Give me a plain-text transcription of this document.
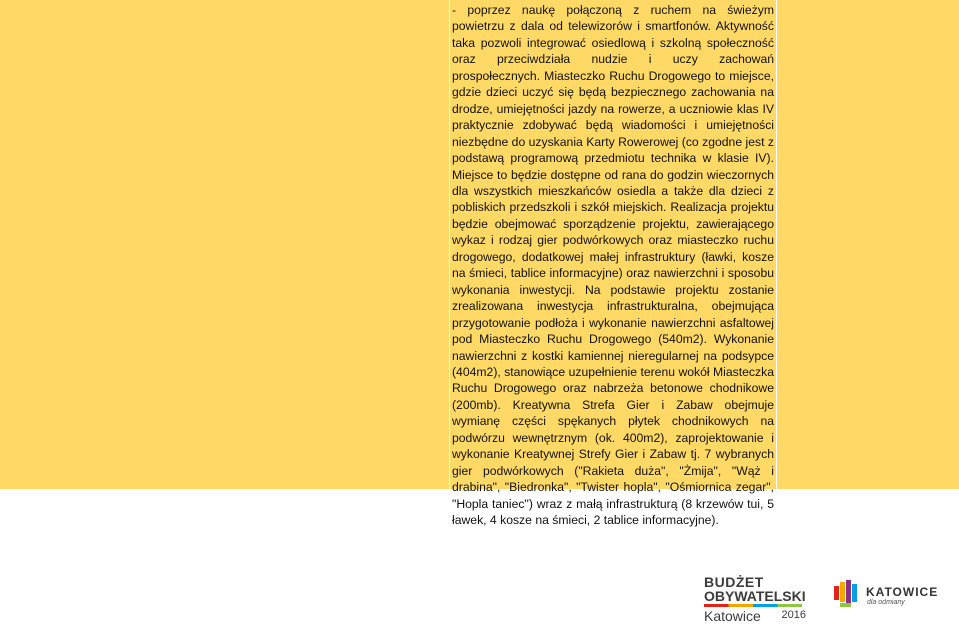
- poprzez naukę połączoną z ruchem na świeżym powietrzu z dala od telewizorów i smartfonów. Aktywność taka pozwoli integrować osiedlową i szkolną społeczność oraz przeciwdziała nudzie i uczy zachowań prospołecznych. Miasteczko Ruchu Drogowego to miejsce, gdzie dzieci uczyć się będą bezpiecznego zachowania na drodze, umiejętności jazdy na rowerze, a uczniowie klas IV praktycznie zdobywać będą wiadomości i umiejętności niezbędne do uzyskania Karty Rowerowej (co zgodne jest z podstawą programową przedmiotu technika w klasie IV). Miejsce to będzie dostępne od rana do godzin wieczornych dla wszystkich mieszkańców osiedla a także dla dzieci z pobliskich przedszkoli i szkół miejskich. Realizacja projektu będzie obejmować sporządzenie projektu, zawierającego wykaz i rodzaj gier podwórkowych oraz miasteczko ruchu drogowego, dodatkowej małej infrastruktury (ławki, kosze na śmieci, tablice informacyjne) oraz nawierzchni i sposobu wykonania inwestycji. Na podstawie projektu zostanie zrealizowana inwestycja infrastrukturalna, obejmująca przygotowanie podłoża i wykonanie nawierzchni asfaltowej pod Miasteczko Ruchu Drogowego (540m2). Wykonanie nawierzchni z kostki kamiennej nieregularnej na podsypce (404m2), stanowiące uzupełnienie terenu wokół Miasteczka Ruchu Drogowego oraz nabrzeża betonowe chodnikowe (200mb). Kreatywna Strefa Gier i Zabaw obejmuje wymianę części spękanych płytek chodnikowych na podwórzu wewnętrznym (ok. 400m2), zaprojektowanie i wykonanie Kreatywnej Strefy Gier i Zabaw tj. 7 wybranych gier podwórkowych ("Rakieta duża", "Żmija", "Wąż i drabina", "Biedronka", "Twister hopla", "Ośmiornica zegar", "Hopla taniec") wraz z małą infrastrukturą (8 krzewów tui, 5 ławek, 4 kosze na śmieci, 2 tablice informacyjne).
BUDŻET
OBYWATELSKI
Katowice 2016
KATOWICE
dla odmiany
